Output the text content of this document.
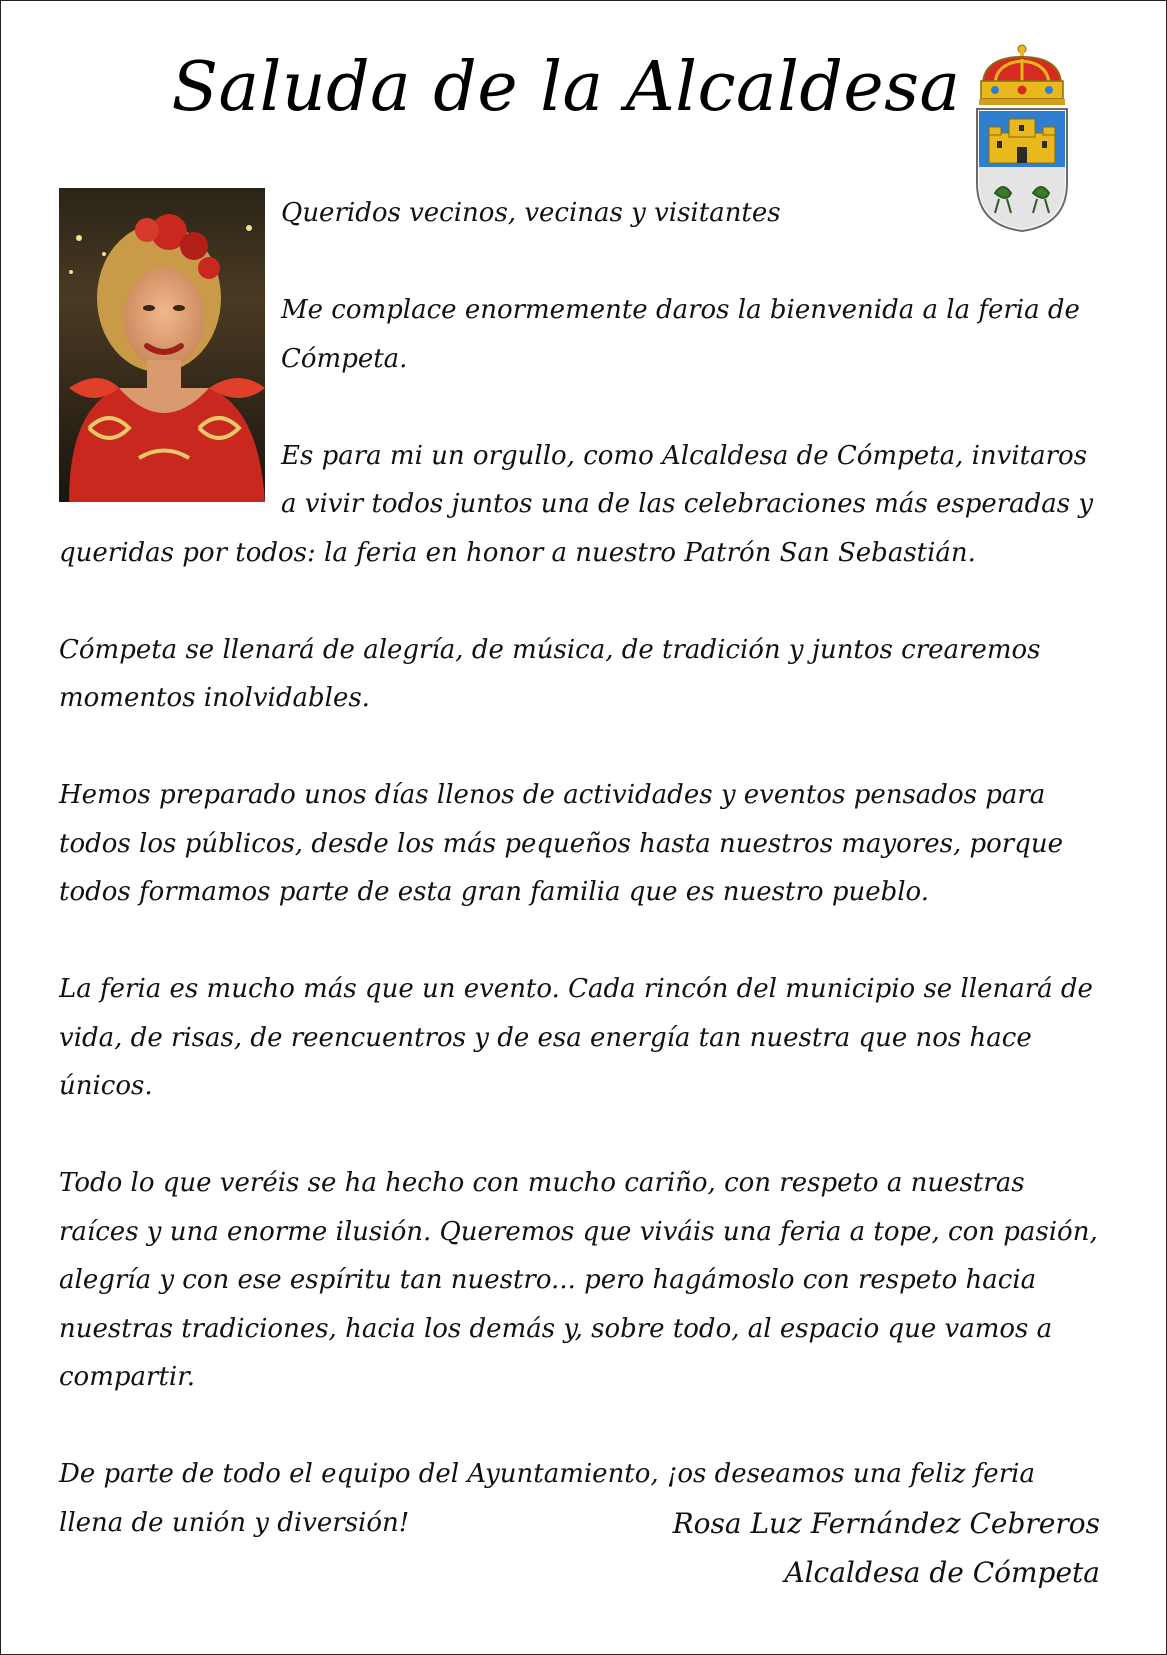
Saluda de la Alcaldesa

Queridos vecinos, vecinas y visitantes

Me complace enormemente daros la bienvenida a la feria de Cómpeta.

Es para mi un orgullo, como Alcaldesa de Cómpeta, invitaros a vivir todos juntos una de las celebraciones más esperadas y queridas por todos: la feria en honor a nuestro Patrón San Sebastián.

Cómpeta se llenará de alegría, de música, de tradición y juntos crearemos momentos inolvidables.

Hemos preparado unos días llenos de actividades y eventos pensados para todos los públicos, desde los más pequeños hasta nuestros mayores, porque todos formamos parte de esta gran familia que es nuestro pueblo.

La feria es mucho más que un evento. Cada rincón del municipio se llenará de vida, de risas, de reencuentros y de esa energía tan nuestra que nos hace únicos.

Todo lo que veréis se ha hecho con mucho cariño, con respeto a nuestras raíces y una enorme ilusión. Queremos que viváis una feria a tope, con pasión, alegría y con ese espíritu tan nuestro... pero hagámoslo con respeto hacia nuestras tradiciones, hacia los demás y, sobre todo, al espacio que vamos a compartir.

De parte de todo el equipo del Ayuntamiento, ¡os deseamos una feliz feria llena de unión y diversión!	Rosa Luz Fernández Cebreros
Alcaldesa de Cómpeta
